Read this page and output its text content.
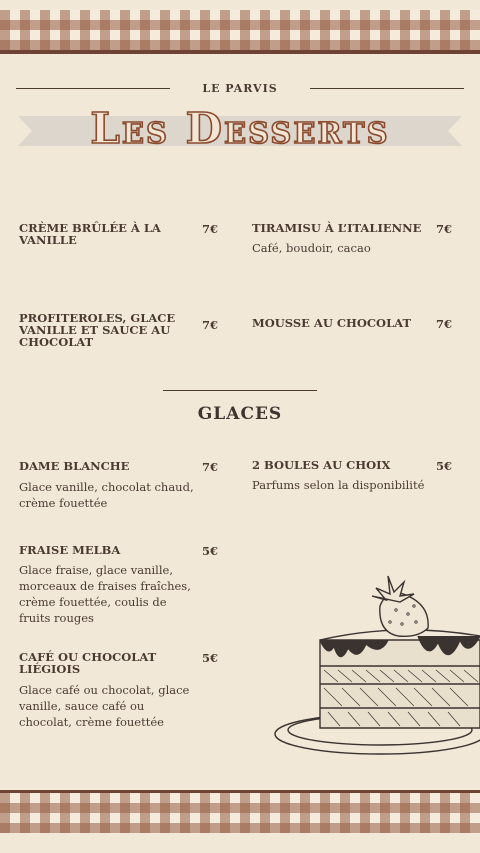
LE PARVIS
Les Desserts
CRÈME BRÛLÉE À LA VANILLE
7€	TIRAMISU À L’ITALIENNE	7€
Café, boudoir, cacao
PROFITEROLES, GLACE VANILLE ET SAUCE AU CHOCOLAT
7€	MOUSSE AU CHOCOLAT	7€
GLACES
DAME BLANCHE	7€
Glace vanille, chocolat chaud, crème fouettée
2 BOULES AU CHOIX	5€
Parfums selon la disponibilité
FRAISE MELBA	5€
Glace fraise, glace vanille, morceaux de fraises fraîches, crème fouettée, coulis de fruits rouges
CAFÉ OU CHOCOLAT LIÉGIOIS
5€
Glace café ou chocolat, glace vanille, sauce café ou chocolat, crème fouettée
